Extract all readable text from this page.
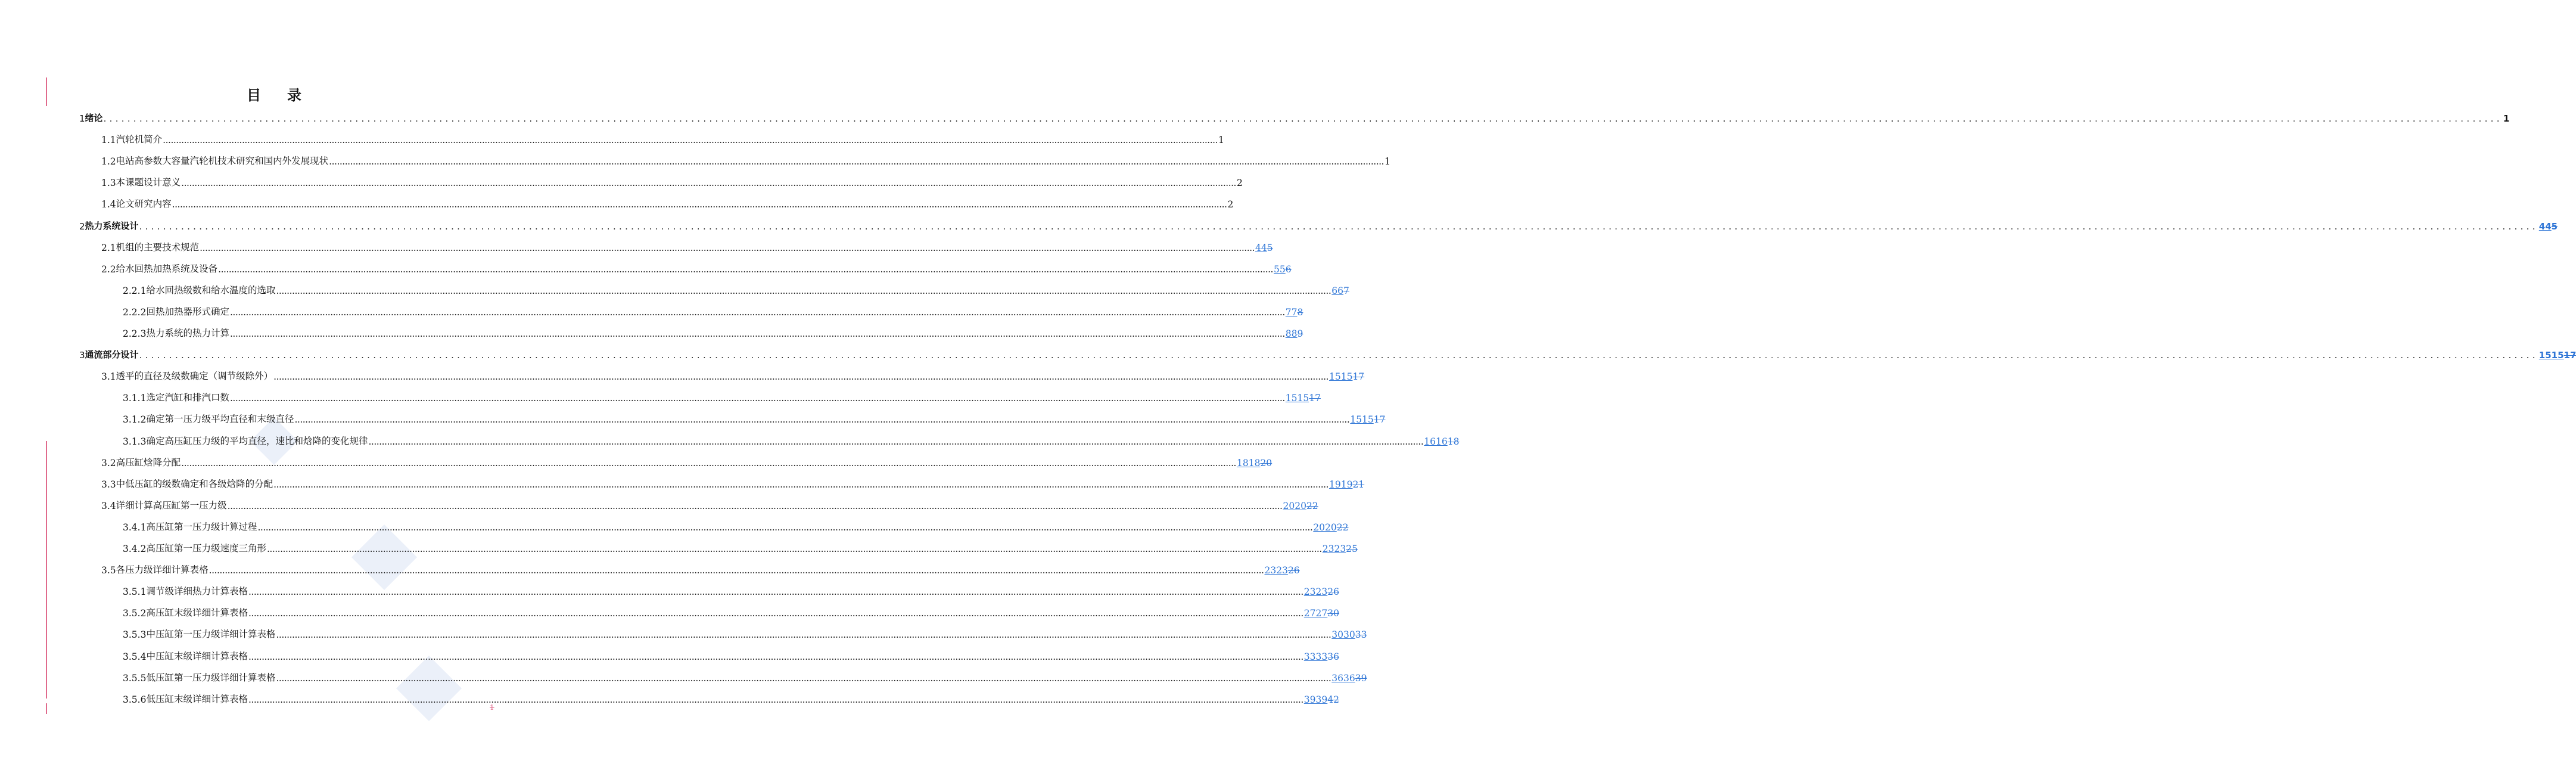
目 录
1 绪论 ................................................................................................................................................................................................................................................................................................................................................................................................................ 1
1.1 汽轮机简介 ................................................................................................................................................................................................................................................................................................................................................................................................................ 1
1.2 电站高参数大容量汽轮机技术研究和国内外发展现状 ................................................................................................................................................................................................................................................................................................................................................................................................................ 1
1.3 本课题设计意义 ................................................................................................................................................................................................................................................................................................................................................................................................................ 2
1.4 论文研究内容 ................................................................................................................................................................................................................................................................................................................................................................................................................ 2
2 热力系统设计 ................................................................................................................................................................................................................................................................................................................................................................................................................ 445
2.1 机组的主要技术规范 ................................................................................................................................................................................................................................................................................................................................................................................................................ 445
2.2 给水回热加热系统及设备 ................................................................................................................................................................................................................................................................................................................................................................................................................ 556
2.2.1 给水回热级数和给水温度的选取 ................................................................................................................................................................................................................................................................................................................................................................................................................ 667
2.2.2 回热加热器形式确定 ................................................................................................................................................................................................................................................................................................................................................................................................................ 778
2.2.3 热力系统的热力计算 ................................................................................................................................................................................................................................................................................................................................................................................................................ 889
3 通流部分设计 ................................................................................................................................................................................................................................................................................................................................................................................................................ 151517
3.1 透平的直径及级数确定（调节级除外） ................................................................................................................................................................................................................................................................................................................................................................................................................ 151517
3.1.1 选定汽缸和排汽口数 ................................................................................................................................................................................................................................................................................................................................................................................................................ 151517
3.1.2 确定第一压力级平均直径和末级直径 ................................................................................................................................................................................................................................................................................................................................................................................................................ 151517
3.1.3 确定高压缸压力级的平均直径，速比和焓降的变化规律 ................................................................................................................................................................................................................................................................................................................................................................................................................ 161618
3.2 高压缸焓降分配 ................................................................................................................................................................................................................................................................................................................................................................................................................ 181820
3.3 中低压缸的级数确定和各级焓降的分配 ................................................................................................................................................................................................................................................................................................................................................................................................................ 191921
3.4 详细计算高压缸第一压力级 ................................................................................................................................................................................................................................................................................................................................................................................................................ 202022
3.4.1 高压缸第一压力级计算过程 ................................................................................................................................................................................................................................................................................................................................................................................................................ 202022
3.4.2 高压缸第一压力级速度三角形 ................................................................................................................................................................................................................................................................................................................................................................................................................ 232325
3.5 各压力级详细计算表格 ................................................................................................................................................................................................................................................................................................................................................................................................................ 232326
3.5.1 调节级详细热力计算表格 ................................................................................................................................................................................................................................................................................................................................................................................................................ 232326
3.5.2 高压缸末级详细计算表格 ................................................................................................................................................................................................................................................................................................................................................................................................................ 272730
3.5.3 中压缸第一压力级详细计算表格 ................................................................................................................................................................................................................................................................................................................................................................................................................ 303033
3.5.4 中压缸末级详细计算表格 ................................................................................................................................................................................................................................................................................................................................................................................................................ 333336
3.5.5 低压缸第一压力级详细计算表格 ................................................................................................................................................................................................................................................................................................................................................................................................................ 363639
3.5.6 低压缸末级详细计算表格 ................................................................................................................................................................................................................................................................................................................................................................................................................ 393942
1
